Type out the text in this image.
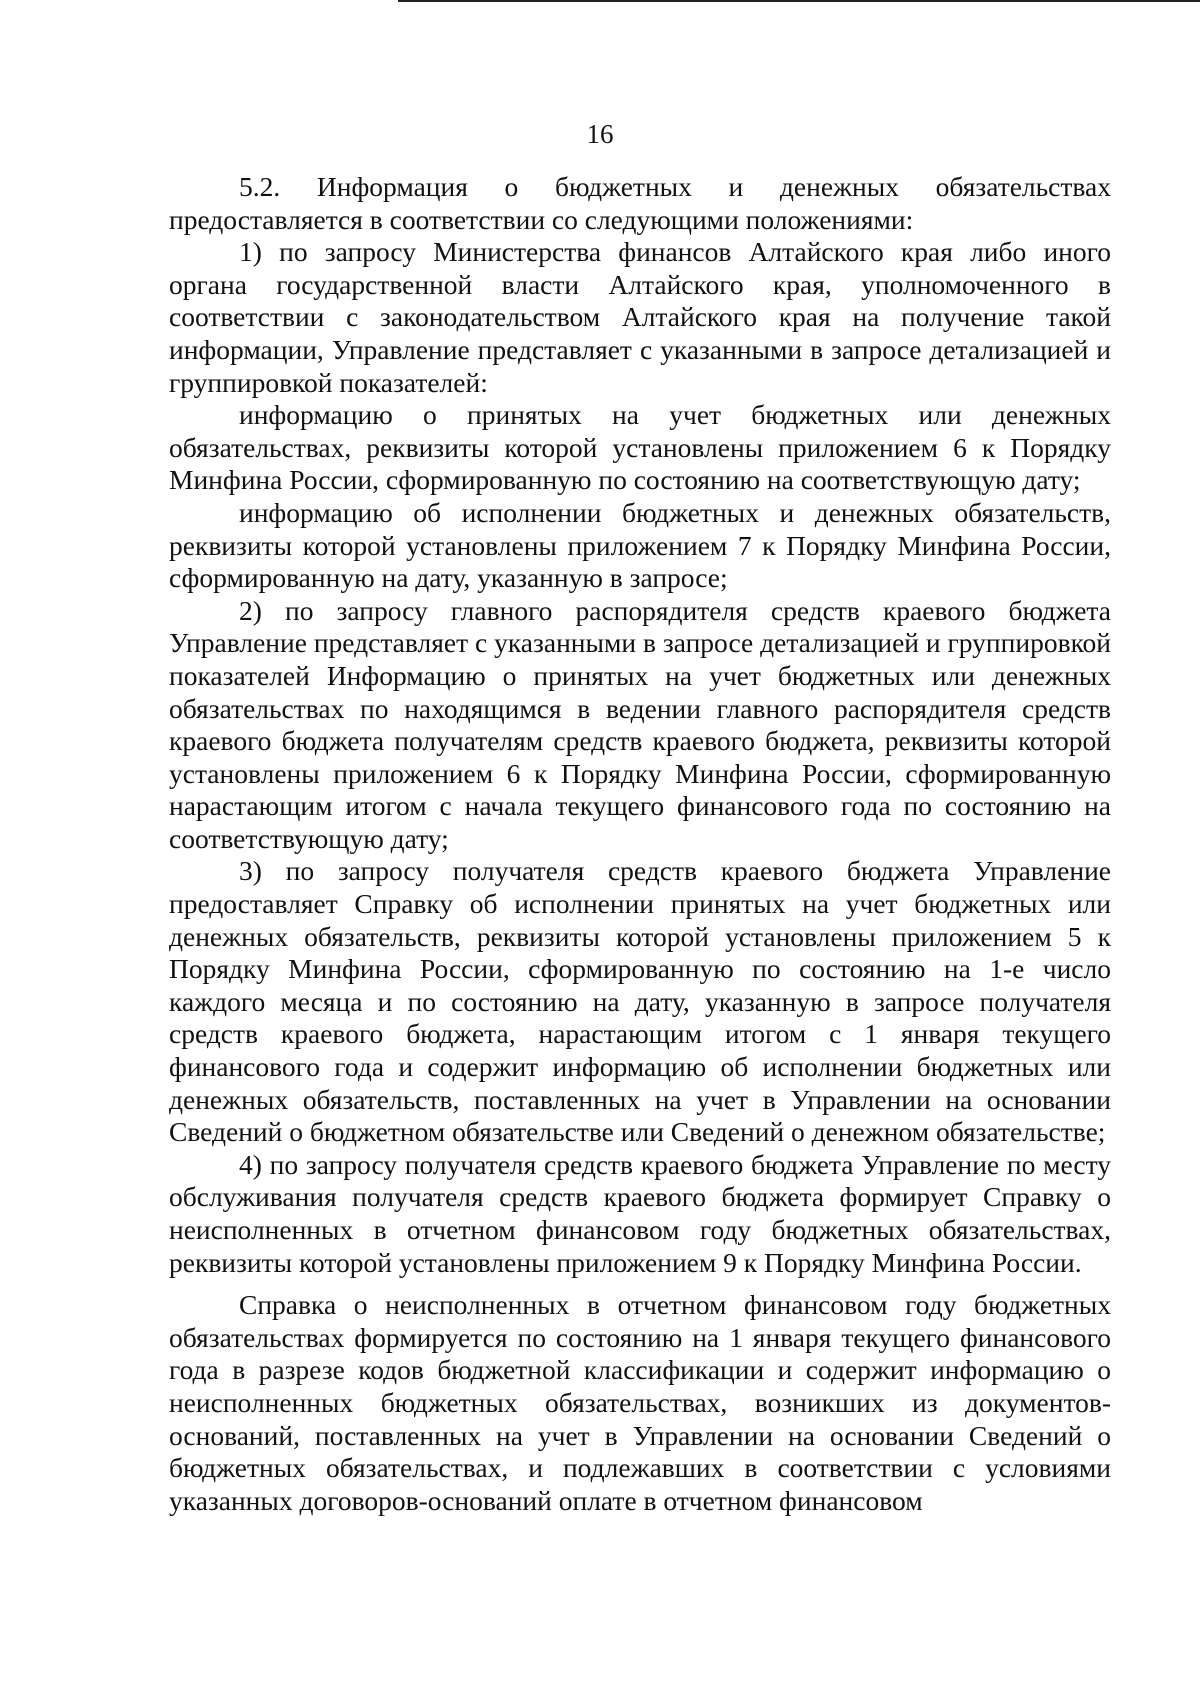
16

5.2. Информация о бюджетных и денежных обязательствах предоставляется в соответствии со следующими положениями:

1) по запросу Министерства финансов Алтайского края либо иного органа государственной власти Алтайского края, уполномоченного в соответствии с законодательством Алтайского края на получение такой информации, Управление представляет с указанными в запросе детализацией и группировкой показателей:

информацию о принятых на учет бюджетных или денежных обязательствах, реквизиты которой установлены приложением 6 к Порядку Минфина России, сформированную по состоянию на соответствующую дату;

информацию об исполнении бюджетных и денежных обязательств, реквизиты которой установлены приложением 7 к Порядку Минфина России, сформированную на дату, указанную в запросе;

2) по запросу главного распорядителя средств краевого бюджета Управление представляет с указанными в запросе детализацией и группировкой показателей Информацию о принятых на учет бюджетных или денежных обязательствах по находящимся в ведении главного распорядителя средств краевого бюджета получателям средств краевого бюджета, реквизиты которой установлены приложением 6 к Порядку Минфина России, сформированную нарастающим итогом с начала текущего финансового года по состоянию на соответствующую дату;

3) по запросу получателя средств краевого бюджета Управление предоставляет Справку об исполнении принятых на учет бюджетных или денежных обязательств, реквизиты которой установлены приложением 5 к Порядку Минфина России, сформированную по состоянию на 1-е число каждого месяца и по состоянию на дату, указанную в запросе получателя средств краевого бюджета, нарастающим итогом с 1 января текущего финансового года и содержит информацию об исполнении бюджетных или денежных обязательств, поставленных на учет в Управлении на основании Сведений о бюджетном обязательстве или Сведений о денежном обязательстве;

4) по запросу получателя средств краевого бюджета Управление по месту обслуживания получателя средств краевого бюджета формирует Справку о неисполненных в отчетном финансовом году бюджетных обязательствах, реквизиты которой установлены приложением 9 к Порядку Минфина России.

Справка о неисполненных в отчетном финансовом году бюджетных обязательствах формируется по состоянию на 1 января текущего финансового года в разрезе кодов бюджетной классификации и содержит информацию о неисполненных бюджетных обязательствах, возникших из документов-оснований, поставленных на учет в Управлении на основании Сведений о бюджетных обязательствах, и подлежавших в соответствии с условиями указанных договоров-оснований оплате в отчетном финансовом
